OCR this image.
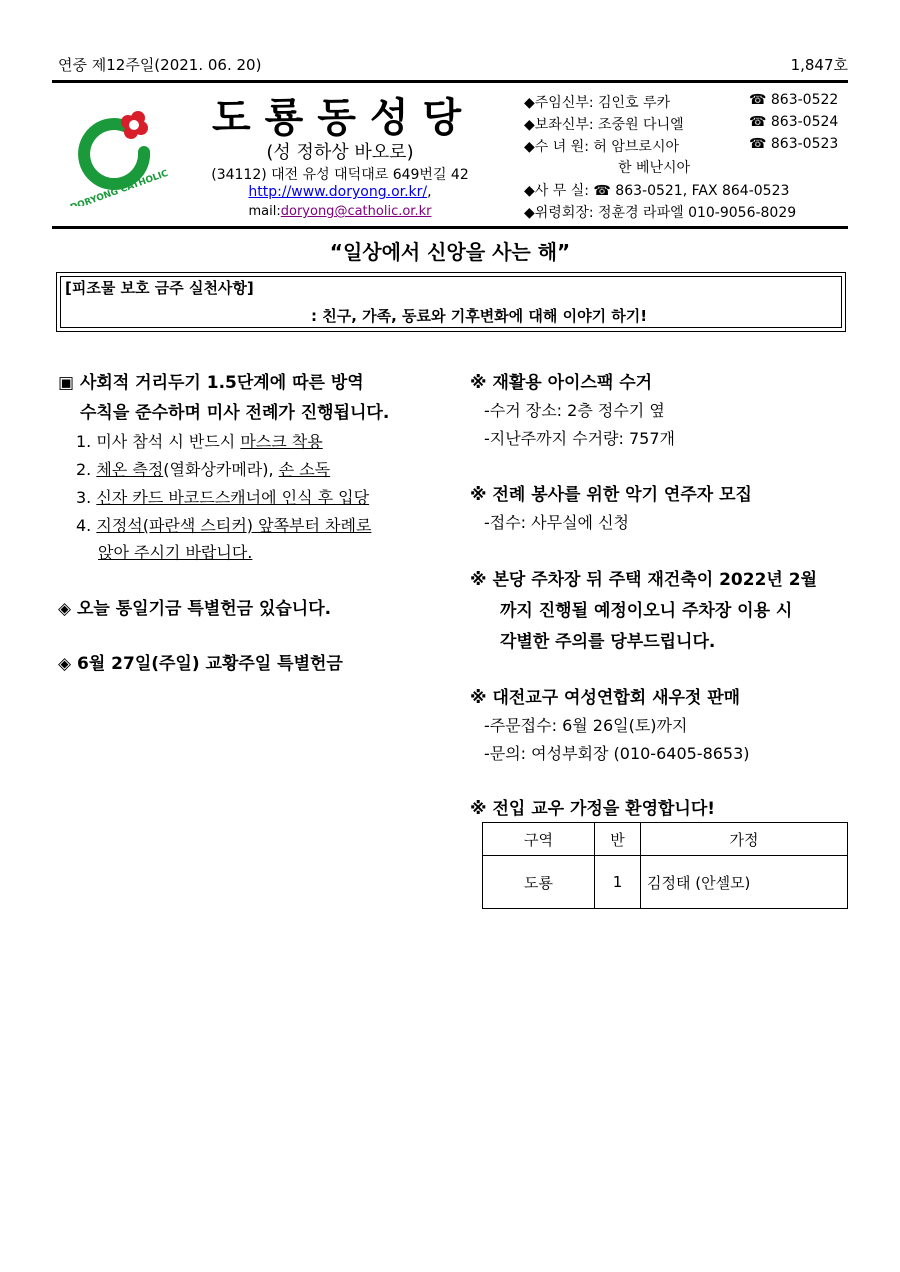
연중 제12주일(2021. 06. 20)	1,847호
DORYONG CATHOLIC
도룡동성당
(성 정하상 바오로)
(34112) 대전 유성 대덕대로 649번길 42
http://www.doryong.or.kr/,
mail:doryong@catholic.or.kr
◆주임신부: 김인호 루카	☎ 863-0522
◆보좌신부: 조중원 다니엘	☎ 863-0524
◆수 녀 원: 허 암브로시아	☎ 863-0523
한 베난시아
◆사 무 실: ☎ 863-0521, FAX 864-0523
◆위령회장: 정훈경 라파엘 010-9056-8029
“일상에서 신앙을 사는 해”
[피조물 보호 금주 실천사항]
: 친구, 가족, 동료와 기후변화에 대해 이야기 하기!
▣ 사회적 거리두기 1.5단계에 따른 방역
수칙을 준수하며 미사 전례가 진행됩니다.
1. 미사 참석 시 반드시 마스크 착용
2. 체온 측정(열화상카메라), 손 소독
3. 신자 카드 바코드스캐너에 인식 후 입당
4. 지정석(파란색 스티커) 앞쪽부터 차례로
앉아 주시기 바랍니다.
◈ 오늘 통일기금 특별헌금 있습니다.
◈ 6월 27일(주일) 교황주일 특별헌금
※ 재활용 아이스팩 수거
-수거 장소: 2층 정수기 옆
-지난주까지 수거량: 757개
※ 전례 봉사를 위한 악기 연주자 모집
-접수: 사무실에 신청
※ 본당 주차장 뒤 주택 재건축이 2022년 2월
까지 진행될 예정이오니 주차장 이용 시
각별한 주의를 당부드립니다.
※ 대전교구 여성연합회 새우젓 판매
-주문접수: 6월 26일(토)까지
-문의: 여성부회장 (010-6405-8653)
※ 전입 교우 가정을 환영합니다!
구역	반	가정
도룡	1	김정태 (안셀모)
